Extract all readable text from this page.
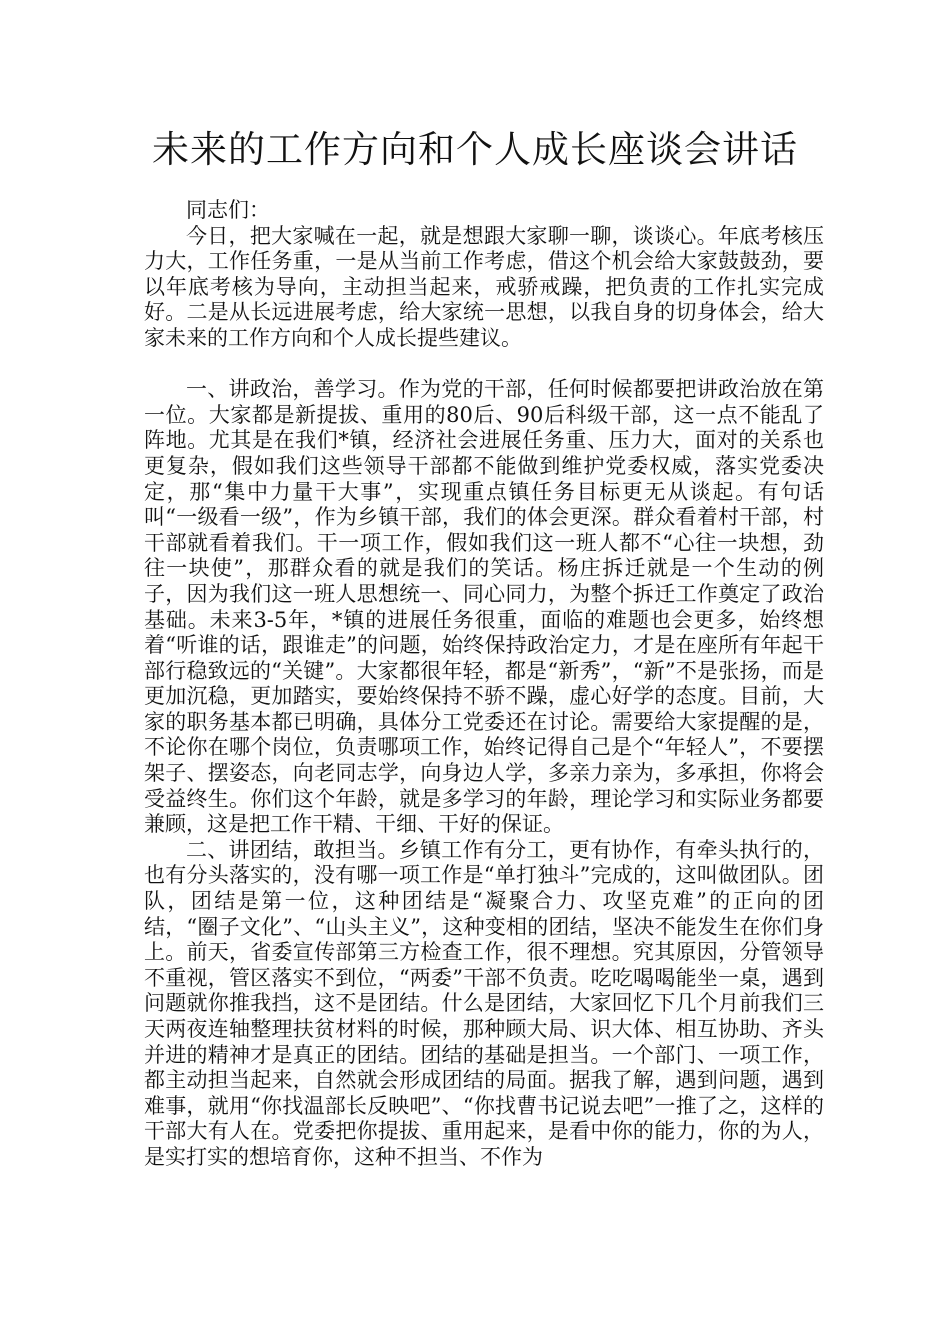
未来的工作方向和个人成长座谈会讲话

同志们：

今日，把大家喊在一起，就是想跟大家聊一聊，谈谈心。年底考核压力大，工作任务重，一是从当前工作考虑，借这个机会给大家鼓鼓劲，要以年底考核为导向，主动担当起来，戒骄戒躁，把负责的工作扎实完成好。二是从长远进展考虑，给大家统一思想，以我自身的切身体会，给大家未来的工作方向和个人成长提些建议。

一、讲政治，善学习。作为党的干部，任何时候都要把讲政治放在第一位。大家都是新提拔、重用的80后、90后科级干部，这一点不能乱了阵地。尤其是在我们*镇，经济社会进展任务重、压力大，面对的关系也更复杂，假如我们这些领导干部都不能做到维护党委权威，落实党委决定，那“集中力量干大事”，实现重点镇任务目标更无从谈起。有句话叫“一级看一级”，作为乡镇干部，我们的体会更深。群众看着村干部，村干部就看着我们。干一项工作，假如我们这一班人都不“心往一块想，劲往一块使”，那群众看的就是我们的笑话。杨庄拆迁就是一个生动的例子，因为我们这一班人思想统一、同心同力，为整个拆迁工作奠定了政治基础。未来3-5年，*镇的进展任务很重，面临的难题也会更多，始终想着“听谁的话，跟谁走”的问题，始终保持政治定力，才是在座所有年起干部行稳致远的“关键”。大家都很年轻，都是“新秀”，“新”不是张扬，而是更加沉稳，更加踏实，要始终保持不骄不躁，虚心好学的态度。目前，大家的职务基本都已明确，具体分工党委还在讨论。需要给大家提醒的是，不论你在哪个岗位，负责哪项工作，始终记得自己是个“年轻人”，不要摆架子、摆姿态，向老同志学，向身边人学，多亲力亲为，多承担，你将会受益终生。你们这个年龄，就是多学习的年龄，理论学习和实际业务都要兼顾，这是把工作干精、干细、干好的保证。

二、讲团结，敢担当。乡镇工作有分工，更有协作，有牵头执行的，也有分头落实的，没有哪一项工作是“单打独斗”完成的，这叫做团队。团队，团结是第一位，这种团结是“凝聚合力、攻坚克难”的正向的团结，“圈子文化”、“山头主义”，这种变相的团结，坚决不能发生在你们身上。前天，省委宣传部第三方检查工作，很不理想。究其原因，分管领导不重视，管区落实不到位，“两委”干部不负责。吃吃喝喝能坐一桌，遇到问题就你推我挡，这不是团结。什么是团结，大家回忆下几个月前我们三天两夜连轴整理扶贫材料的时候，那种顾大局、识大体、相互协助、齐头并进的精神才是真正的团结。团结的基础是担当。一个部门、一项工作，都主动担当起来，自然就会形成团结的局面。据我了解，遇到问题，遇到难事，就用“你找温部长反映吧”、“你找曹书记说去吧”一推了之，这样的干部大有人在。党委把你提拔、重用起来，是看中你的能力，你的为人，是实打实的想培育你，这种不担当、不作为
